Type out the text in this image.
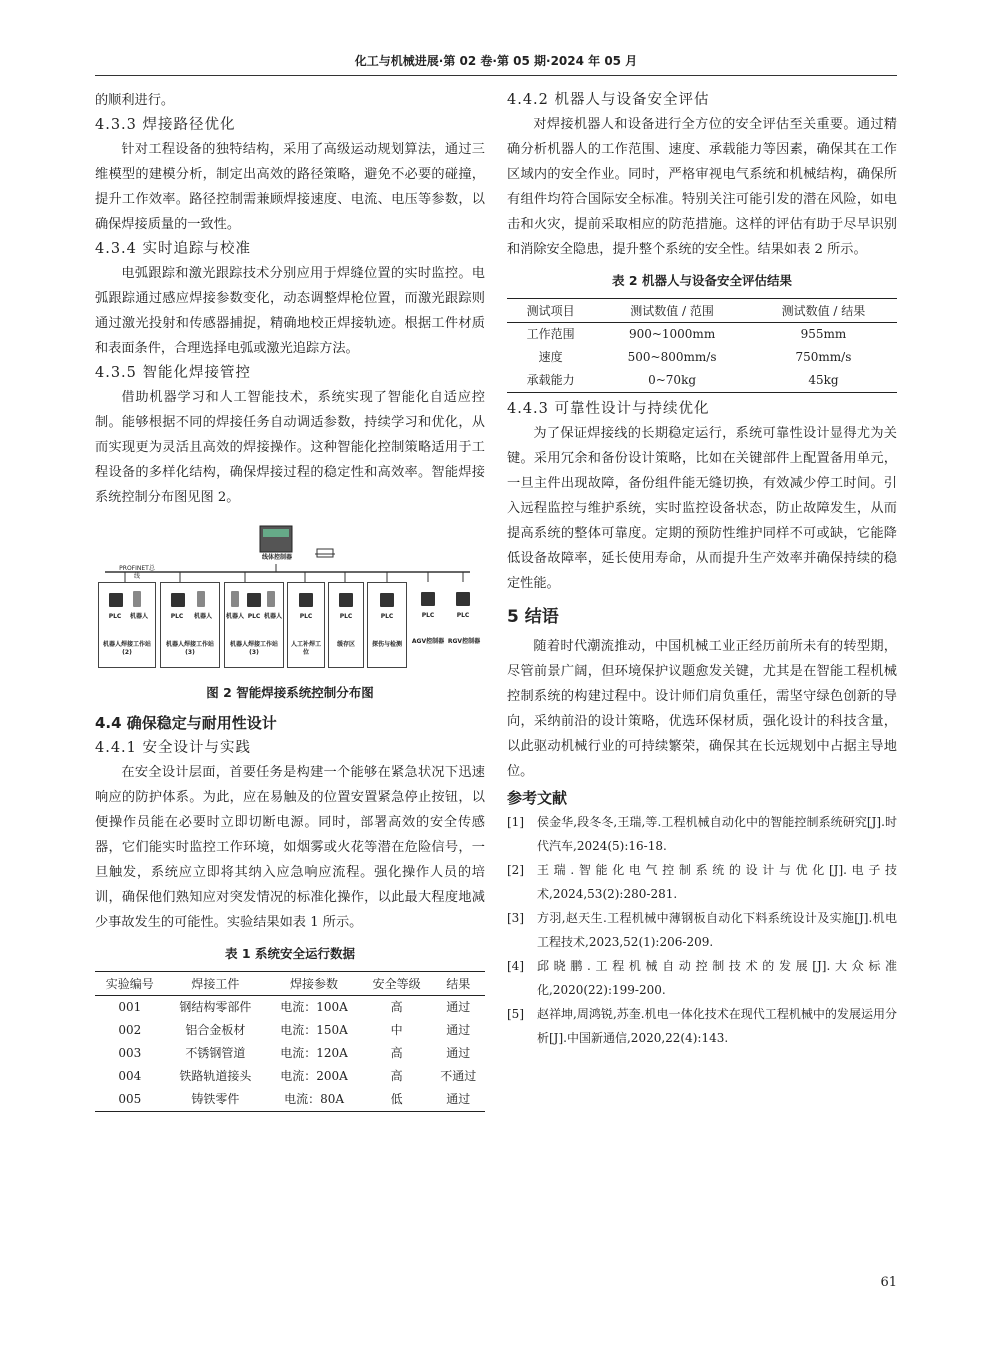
化工与机械进展·第 02 卷·第 05 期·2024 年 05 月

的顺利进行。

4.3.3 焊接路径优化

针对工程设备的独特结构，采用了高级运动规划算法，通过三维模型的建模分析，制定出高效的路径策略，避免不必要的碰撞，提升工作效率。路径控制需兼顾焊接速度、电流、电压等参数，以确保焊接质量的一致性。

4.3.4 实时追踪与校准

电弧跟踪和激光跟踪技术分别应用于焊缝位置的实时监控。电弧跟踪通过感应焊接参数变化，动态调整焊枪位置，而激光跟踪则通过激光投射和传感器捕捉，精确地校正焊接轨迹。根据工件材质和表面条件，合理选择电弧或激光追踪方法。

4.3.5 智能化焊接管控

借助机器学习和人工智能技术，系统实现了智能化自适应控制。能够根据不同的焊接任务自动调适参数，持续学习和优化，从而实现更为灵活且高效的焊接操作。这种智能化控制策略适用于工程设备的多样化结构，确保焊接过程的稳定性和高效率。智能焊接系统控制分布图见图 2。

线体控制器
PROFINET总线
PLC	机器人
机器人焊接工作站(2)
PLC	机器人
机器人焊接工作站(3)
机器人 PLC 机器人
机器人焊接工作站(3)
PLC
人工补焊工位
PLC
缓存区
PLC
探伤与检测
PLC
AGV控制器
PLC
RGV控制器
图 2 智能焊接系统控制分布图
4.4 确保稳定与耐用性设计
4.4.1 安全设计与实践

在安全设计层面，首要任务是构建一个能够在紧急状况下迅速响应的防护体系。为此，应在易触及的位置安置紧急停止按钮，以便操作员能在必要时立即切断电源。同时，部署高效的安全传感器，它们能实时监控工作环境，如烟雾或火花等潜在危险信号，一旦触发，系统应立即将其纳入应急响应流程。强化操作人员的培训，确保他们熟知应对突发情况的标准化操作，以此最大程度地减少事故发生的可能性。实验结果如表 1 所示。

表 1 系统安全运行数据
实验编号	焊接工件	焊接参数	安全等级	结果
001	钢结构零部件	电流：100A	高	通过
002	铝合金板材	电流：150A	中	通过
003	不锈钢管道	电流：120A	高	通过
004	铁路轨道接头	电流：200A	高	不通过
005	铸铁零件	电流：80A	低	通过
4.4.2 机器人与设备安全评估

对焊接机器人和设备进行全方位的安全评估至关重要。通过精确分析机器人的工作范围、速度、承载能力等因素，确保其在工作区域内的安全作业。同时，严格审视电气系统和机械结构，确保所有组件均符合国际安全标准。特别关注可能引发的潜在风险，如电击和火灾，提前采取相应的防范措施。这样的评估有助于尽早识别和消除安全隐患，提升整个系统的安全性。结果如表 2 所示。

表 2 机器人与设备安全评估结果
测试项目	测试数值 / 范围	测试数值 / 结果
工作范围	900~1000mm	955mm
速度	500~800mm/s	750mm/s
承载能力	0~70kg	45kg
4.4.3 可靠性设计与持续优化

为了保证焊接线的长期稳定运行，系统可靠性设计显得尤为关键。采用冗余和备份设计策略，比如在关键部件上配置备用单元，一旦主件出现故障，备份组件能无缝切换，有效减少停工时间。引入远程监控与维护系统，实时监控设备状态，防止故障发生，从而提高系统的整体可靠度。定期的预防性维护同样不可或缺，它能降低设备故障率，延长使用寿命，从而提升生产效率并确保持续的稳定性能。

5 结语

随着时代潮流推动，中国机械工业正经历前所未有的转型期，尽管前景广阔，但环境保护议题愈发关键，尤其是在智能工程机械控制系统的构建过程中。设计师们肩负重任，需坚守绿色创新的导向，采纳前沿的设计策略，优选环保材质，强化设计的科技含量，以此驱动机械行业的可持续繁荣，确保其在长远规划中占据主导地位。

参考文献
[1]	侯金华,段冬冬,王瑞,等.工程机械自动化中的智能控制系统研究[J].时代汽车,2024(5):16-18.
[2]	王瑞.智能化电气控制系统的设计与优化[J].电子技术,2024,53(2):280-281.
[3]	方羽,赵天生.工程机械中薄钢板自动化下料系统设计及实施[J].机电工程技术,2023,52(1):206-209.
[4]	邱晓鹏.工程机械自动控制技术的发展[J].大众标准化,2020(22):199-200.
[5]	赵祥坤,周鸿锐,苏奎.机电一体化技术在现代工程机械中的发展运用分析[J].中国新通信,2020,22(4):143.
61
